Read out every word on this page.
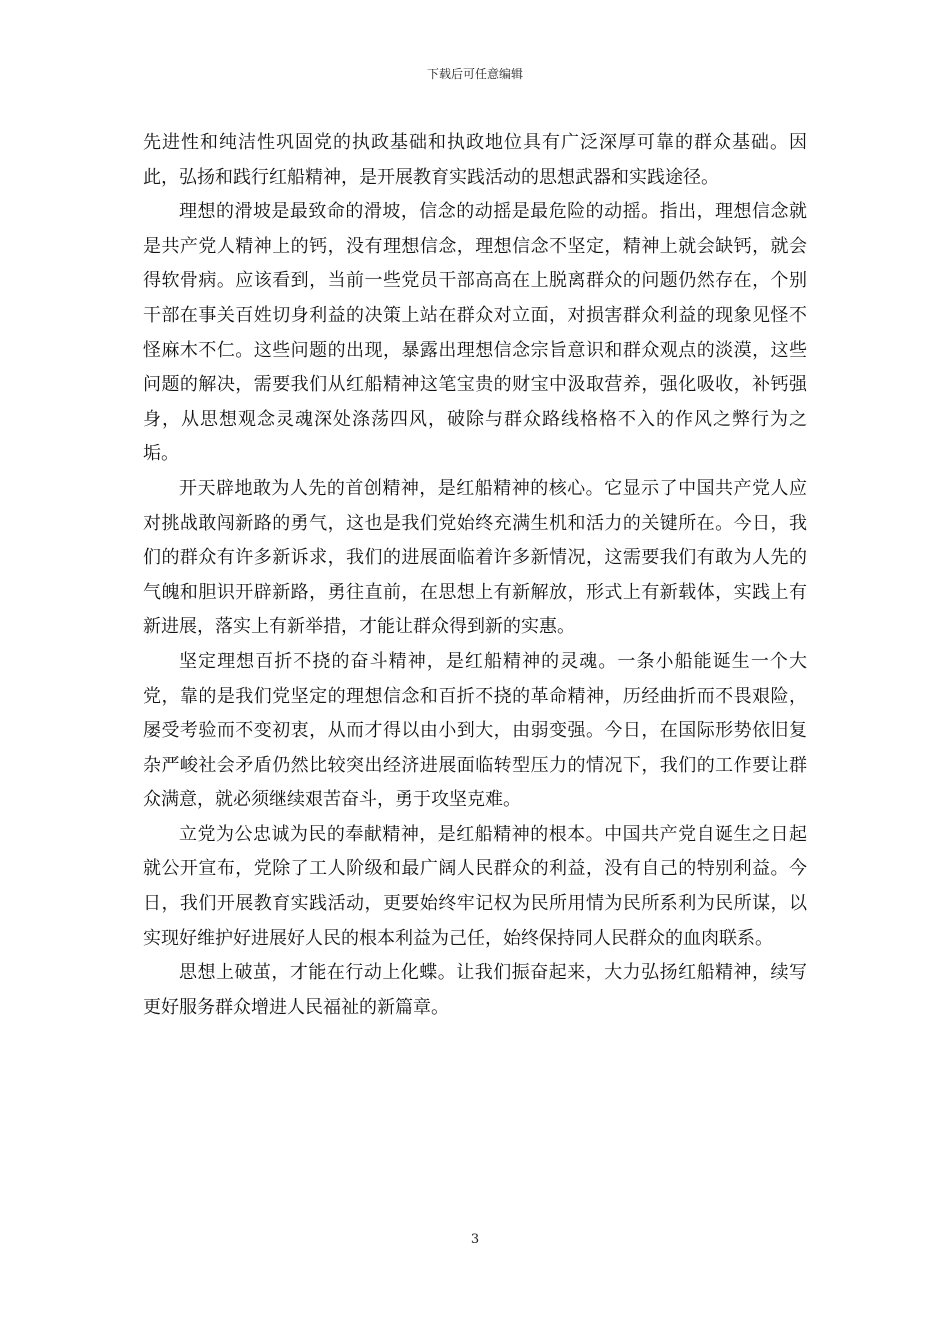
下载后可任意编辑

先进性和纯洁性巩固党的执政基础和执政地位具有广泛深厚可靠的群众基础。因此，弘扬和践行红船精神，是开展教育实践活动的思想武器和实践途径。

理想的滑坡是最致命的滑坡，信念的动摇是最危险的动摇。指出，理想信念就是共产党人精神上的钙，没有理想信念，理想信念不坚定，精神上就会缺钙，就会得软骨病。应该看到，当前一些党员干部高高在上脱离群众的问题仍然存在，个别干部在事关百姓切身利益的决策上站在群众对立面，对损害群众利益的现象见怪不怪麻木不仁。这些问题的出现，暴露出理想信念宗旨意识和群众观点的淡漠，这些问题的解决，需要我们从红船精神这笔宝贵的财宝中汲取营养，强化吸收，补钙强身，从思想观念灵魂深处涤荡四风，破除与群众路线格格不入的作风之弊行为之垢。

开天辟地敢为人先的首创精神，是红船精神的核心。它显示了中国共产党人应对挑战敢闯新路的勇气，这也是我们党始终充满生机和活力的关键所在。今日，我们的群众有许多新诉求，我们的进展面临着许多新情况，这需要我们有敢为人先的气魄和胆识开辟新路，勇往直前，在思想上有新解放，形式上有新载体，实践上有新进展，落实上有新举措，才能让群众得到新的实惠。

坚定理想百折不挠的奋斗精神，是红船精神的灵魂。一条小船能诞生一个大党，靠的是我们党坚定的理想信念和百折不挠的革命精神，历经曲折而不畏艰险，屡受考验而不变初衷，从而才得以由小到大，由弱变强。今日，在国际形势依旧复杂严峻社会矛盾仍然比较突出经济进展面临转型压力的情况下，我们的工作要让群众满意，就必须继续艰苦奋斗，勇于攻坚克难。

立党为公忠诚为民的奉献精神，是红船精神的根本。中国共产党自诞生之日起就公开宣布，党除了工人阶级和最广阔人民群众的利益，没有自己的特别利益。今日，我们开展教育实践活动，更要始终牢记权为民所用情为民所系利为民所谋，以实现好维护好进展好人民的根本利益为己任，始终保持同人民群众的血肉联系。

思想上破茧，才能在行动上化蝶。让我们振奋起来，大力弘扬红船精神，续写更好服务群众增进人民福祉的新篇章。

3
